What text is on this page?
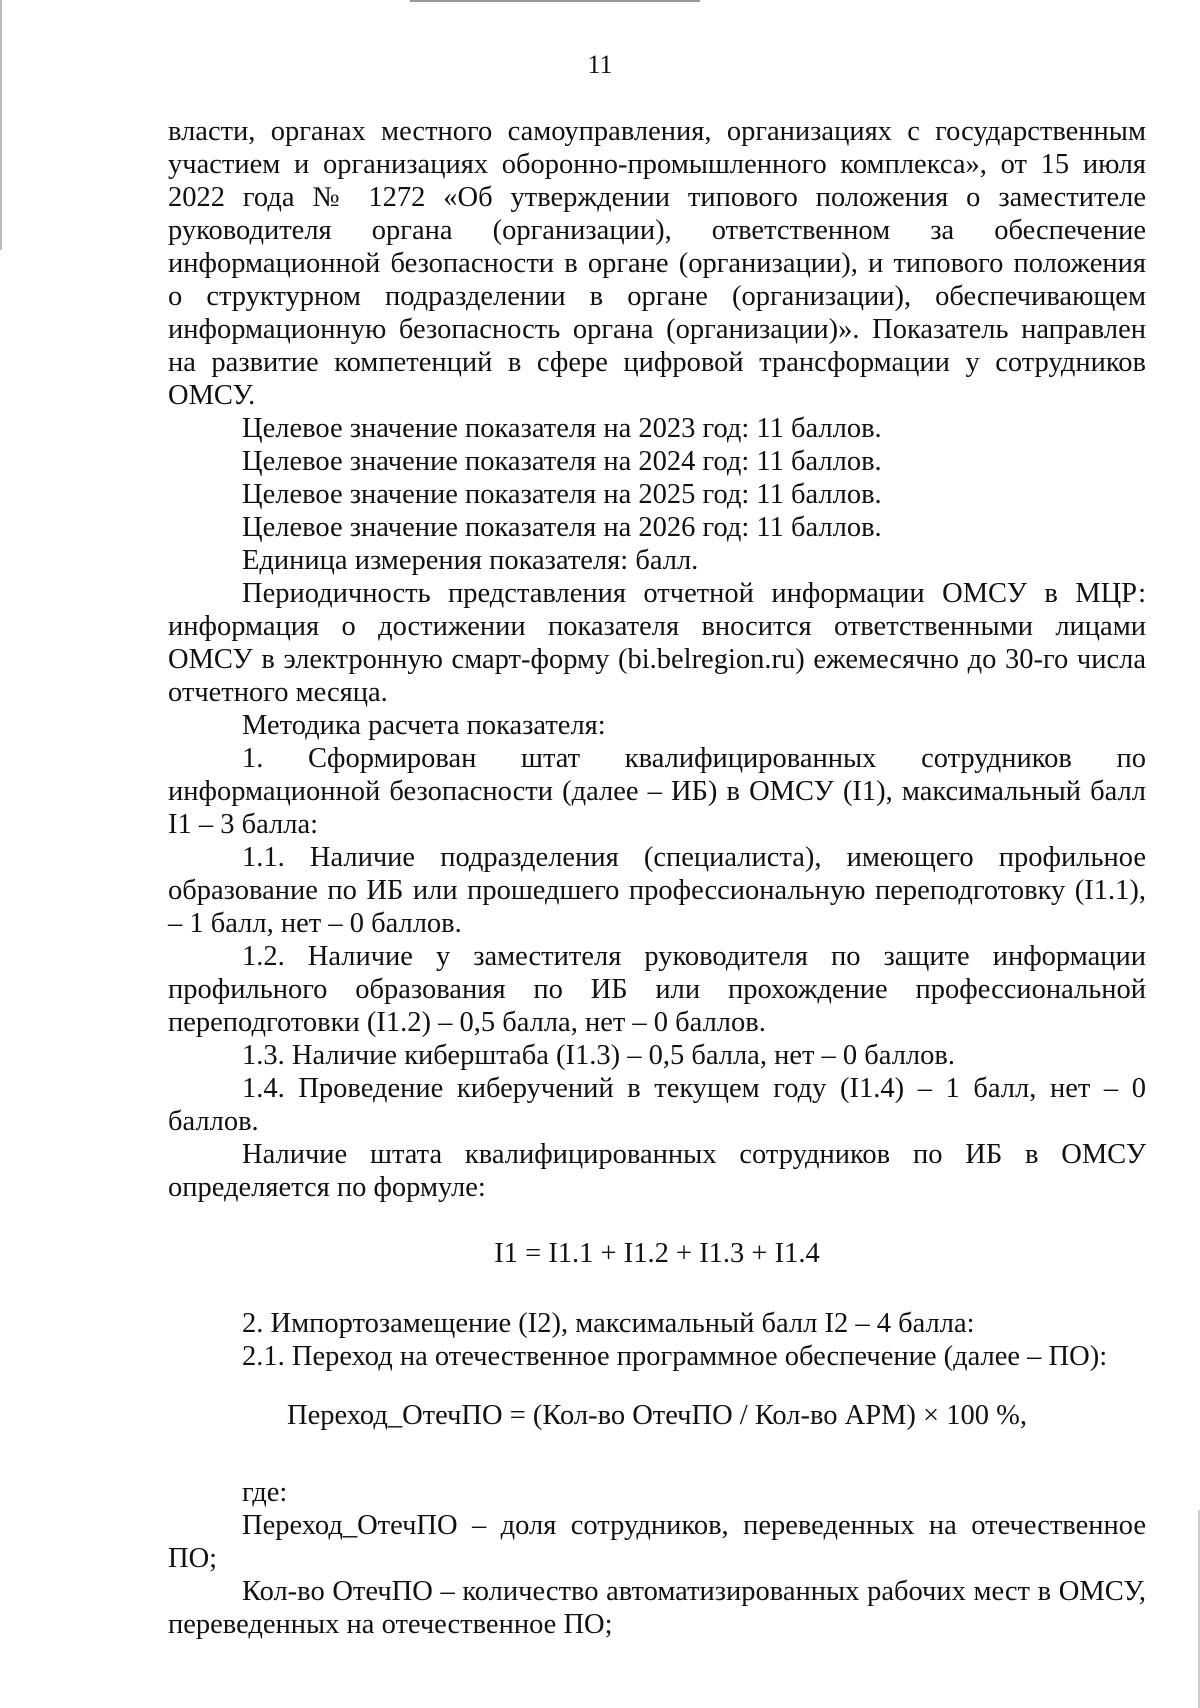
11

власти, органах местного самоуправления, организациях с государственным участием и организациях оборонно-промышленного комплекса», от 15 июля 2022 года № 1272 «Об утверждении типового положения о заместителе руководителя органа (организации), ответственном за обеспечение информационной безопасности в органе (организации), и типового положения о структурном подразделении в органе (организации), обеспечивающем информационную безопасность органа (организации)». Показатель направлен на развитие компетенций в сфере цифровой трансформации у сотрудников ОМСУ.

Целевое значение показателя на 2023 год: 11 баллов.

Целевое значение показателя на 2024 год: 11 баллов.

Целевое значение показателя на 2025 год: 11 баллов.

Целевое значение показателя на 2026 год: 11 баллов.

Единица измерения показателя: балл.

Периодичность представления отчетной информации ОМСУ в МЦР: информация о достижении показателя вносится ответственными лицами ОМСУ в электронную смарт-форму (bi.belregion.ru) ежемесячно до 30-го числа отчетного месяца.

Методика расчета показателя:

1. Сформирован штат квалифицированных сотрудников по информационной безопасности (далее – ИБ) в ОМСУ (I1), максимальный балл I1 – 3 балла:

1.1. Наличие подразделения (специалиста), имеющего профильное образование по ИБ или прошедшего профессиональную переподготовку (I1.1), – 1 балл, нет – 0 баллов.

1.2. Наличие у заместителя руководителя по защите информации профильного образования по ИБ или прохождение профессиональной переподготовки (I1.2) – 0,5 балла, нет – 0 баллов.

1.3. Наличие киберштаба (I1.3) – 0,5 балла, нет – 0 баллов.

1.4. Проведение киберучений в текущем году (I1.4) – 1 балл, нет – 0 баллов.

Наличие штата квалифицированных сотрудников по ИБ в ОМСУ определяется по формуле:

I1 = I1.1 + I1.2 + I1.3 + I1.4

2. Импортозамещение (I2), максимальный балл I2 – 4 балла:

2.1. Переход на отечественное программное обеспечение (далее – ПО):

Переход_ОтечПО = (Кол-во ОтечПО / Кол-во АРМ) × 100 %,

где:

Переход_ОтечПО – доля сотрудников, переведенных на отечественное ПО;

Кол-во ОтечПО – количество автоматизированных рабочих мест в ОМСУ, переведенных на отечественное ПО;
